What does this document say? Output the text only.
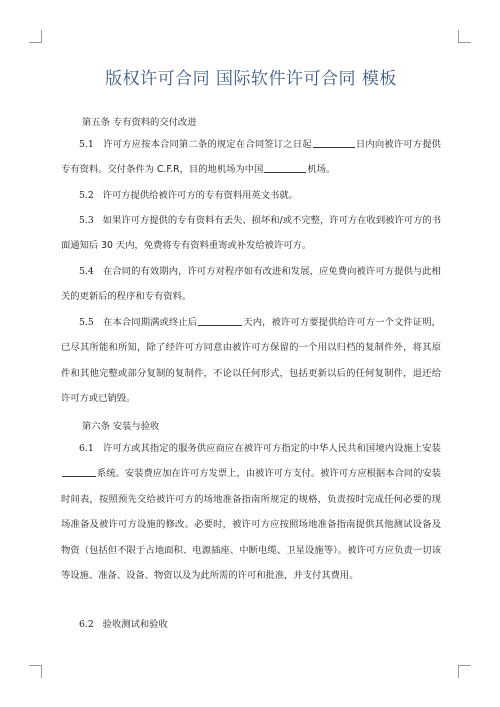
版权许可合同 国际软件许可合同 模板
第五条 专有资料的交付改进
5.1 许可方应按本合同第二条的规定在合同签订之日起	日内向被许可方提供专有资料。交付条件为 C.F.R，目的地机场为中国	机场。
5.2 许可方提供给被许可方的专有资料用英文书就。
5.3 如果许可方提供的专有资料有丢失、损坏和/或不完整，许可方在收到被许可方的书面通知后 30 天内，免费将专有资料重寄或补发给被许可方。
5.4 在合同的有效期内，许可方对程序如有改进和发展，应免费向被许可方提供与此相关的更新后的程序和专有资料。
5.5 在本合同期满或终止后	天内，被许可方要提供给许可方一个文件证明，已尽其所能和所知，除了经许可方同意由被许可方保留的一个用以归档的复制件外，将其原件和其他完整或部分复制的复制件，不论以任何形式，包括更新以后的任何复制件，退还给许可方或已销毁。
第六条 安装与验收
6.1 许可方或其指定的服务供应商应在被许可方指定的中华人民共和国境内设施上安装系统。安装费应加在许可方发票上，由被许可方支付。被许可方应根据本合同的安装时间表，按照预先交给被许可方的场地准备指南所规定的规格，负责按时完成任何必要的现场准备及被许可方设施的修改。必要时，被许可方应按照场地准备指南提供其他测试设备及物资（包括但不限于占地面积、电源插座、中断电缆、卫星设施等）。被许可方应负责一切该等设施、准备、设备、物资以及为此所需的许可和批准，并支付其费用。
6.2 验收测试和验收
